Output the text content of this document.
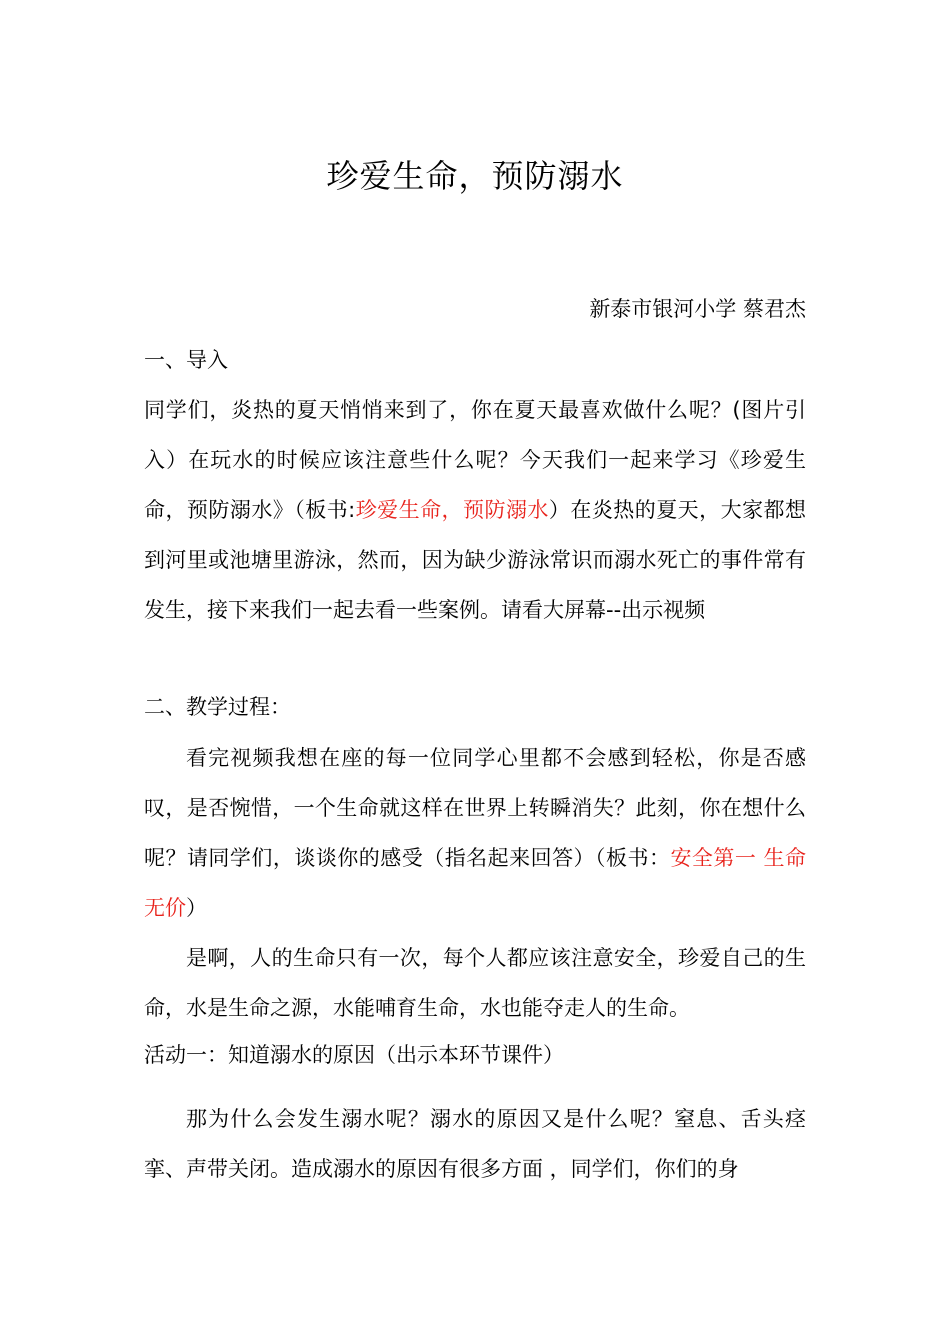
珍爱生命，预防溺水
新泰市银河小学 蔡君杰
一、导入
同学们，炎热的夏天悄悄来到了，你在夏天最喜欢做什么呢？(图片引入）在玩水的时候应该注意些什么呢？今天我们一起来学习《珍爱生命，预防溺水》（板书:珍爱生命，预防溺水）在炎热的夏天，大家都想到河里或池塘里游泳，然而，因为缺少游泳常识而溺水死亡的事件常有发生，接下来我们一起去看一些案例。请看大屏幕--出示视频
二、教学过程：
看完视频我想在座的每一位同学心里都不会感到轻松，你是否感叹，是否惋惜，一个生命就这样在世界上转瞬消失？此刻，你在想什么呢？请同学们，谈谈你的感受（指名起来回答）（板书：安全第一 生命无价）
是啊，人的生命只有一次，每个人都应该注意安全，珍爱自己的生命，水是生命之源，水能哺育生命，水也能夺走人的生命。
活动一：知道溺水的原因（出示本环节课件）
那为什么会发生溺水呢？溺水的原因又是什么呢？窒息、舌头痉挛、声带关闭。造成溺水的原因有很多方面 ，同学们，你们的身
